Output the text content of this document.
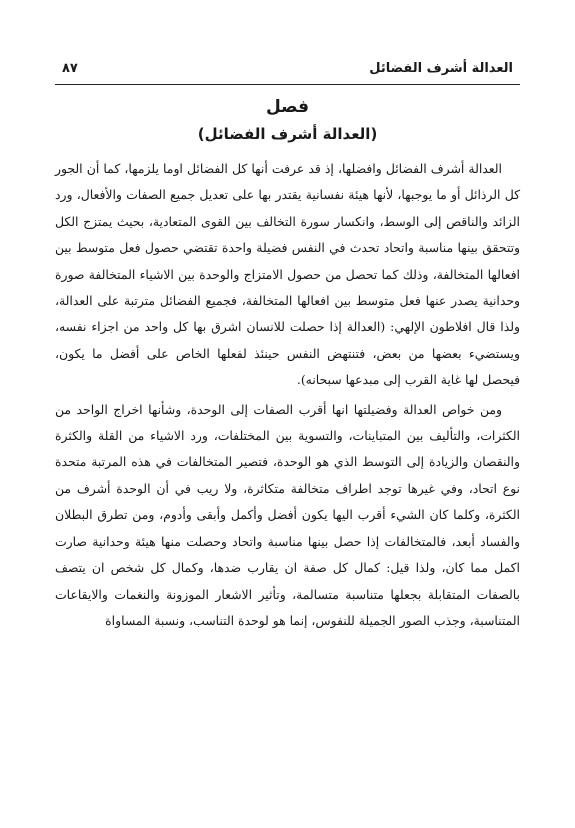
٨٧	العدالة أشرف الفضائل
فصل
(العدالة أشرف الفضائل)

العدالة أشرف الفضائل وافضلها، إذ قد عرفت أنها كل الفضائل اوما يلزمها، كما أن الجور كل الرذائل أو ما يوجبها، لأنها هيئة نفسانية يقتدر بها على تعديل جميع الصفات والأفعال، ورد الزائد والناقص إلى الوسط، وانكسار سورة التخالف بين القوى المتعادية، بحيث يمتزج الكل وتتحقق بينها مناسبة واتحاد تحدث في النفس فضيلة واحدة تقتضي حصول فعل متوسط بين افعالها المتخالفة، وذلك كما تحصل من حصول الامتزاج والوحدة بين الاشياء المتخالفة صورة وحدانية يصدر عنها فعل متوسط بين افعالها المتخالفة، فجميع الفضائل مترتبة على العدالة، ولذا قال افلاطون الإلهي: (العدالة إذا حصلت للانسان اشرق بها كل واحد من اجزاء نفسه، ويستضيء بعضها من بعض، فتنتهض النفس حينئذ لفعلها الخاص على أفضل ما يكون، فيحصل لها غاية القرب إلى مبدعها سبحانه).

ومن خواص العدالة وفضيلتها انها أقرب الصفات إلى الوحدة، وشأنها اخراج الواحد من الكثرات، والتأليف بين المتباينات، والتسوية بين المختلفات، ورد الاشياء من القلة والكثرة والنقصان والزيادة إلى التوسط الذي هو الوحدة، فتصير المتخالفات في هذه المرتبة متحدة نوع اتحاد، وفي غيرها توجد اطراف متخالفة متكاثرة، ولا ريب في أن الوحدة أشرف من الكثرة، وكلما كان الشيء أقرب اليها يكون أفضل وأكمل وأبقى وأدوم، ومن تطرق البطلان والفساد أبعد، فالمتخالفات إذا حصل بينها مناسبة واتحاد وحصلت منها هيئة وحدانية صارت اكمل مما كان، ولذا قيل: كمال كل صفة ان يقارب ضدها، وكمال كل شخص ان يتصف بالصفات المتقابلة بجعلها متناسبة متسالمة، وتأثير الاشعار الموزونة والنغمات والايقاعات المتناسبة، وجذب الصور الجميلة للنفوس، إنما هو لوحدة التناسب، ونسبة المساواة
